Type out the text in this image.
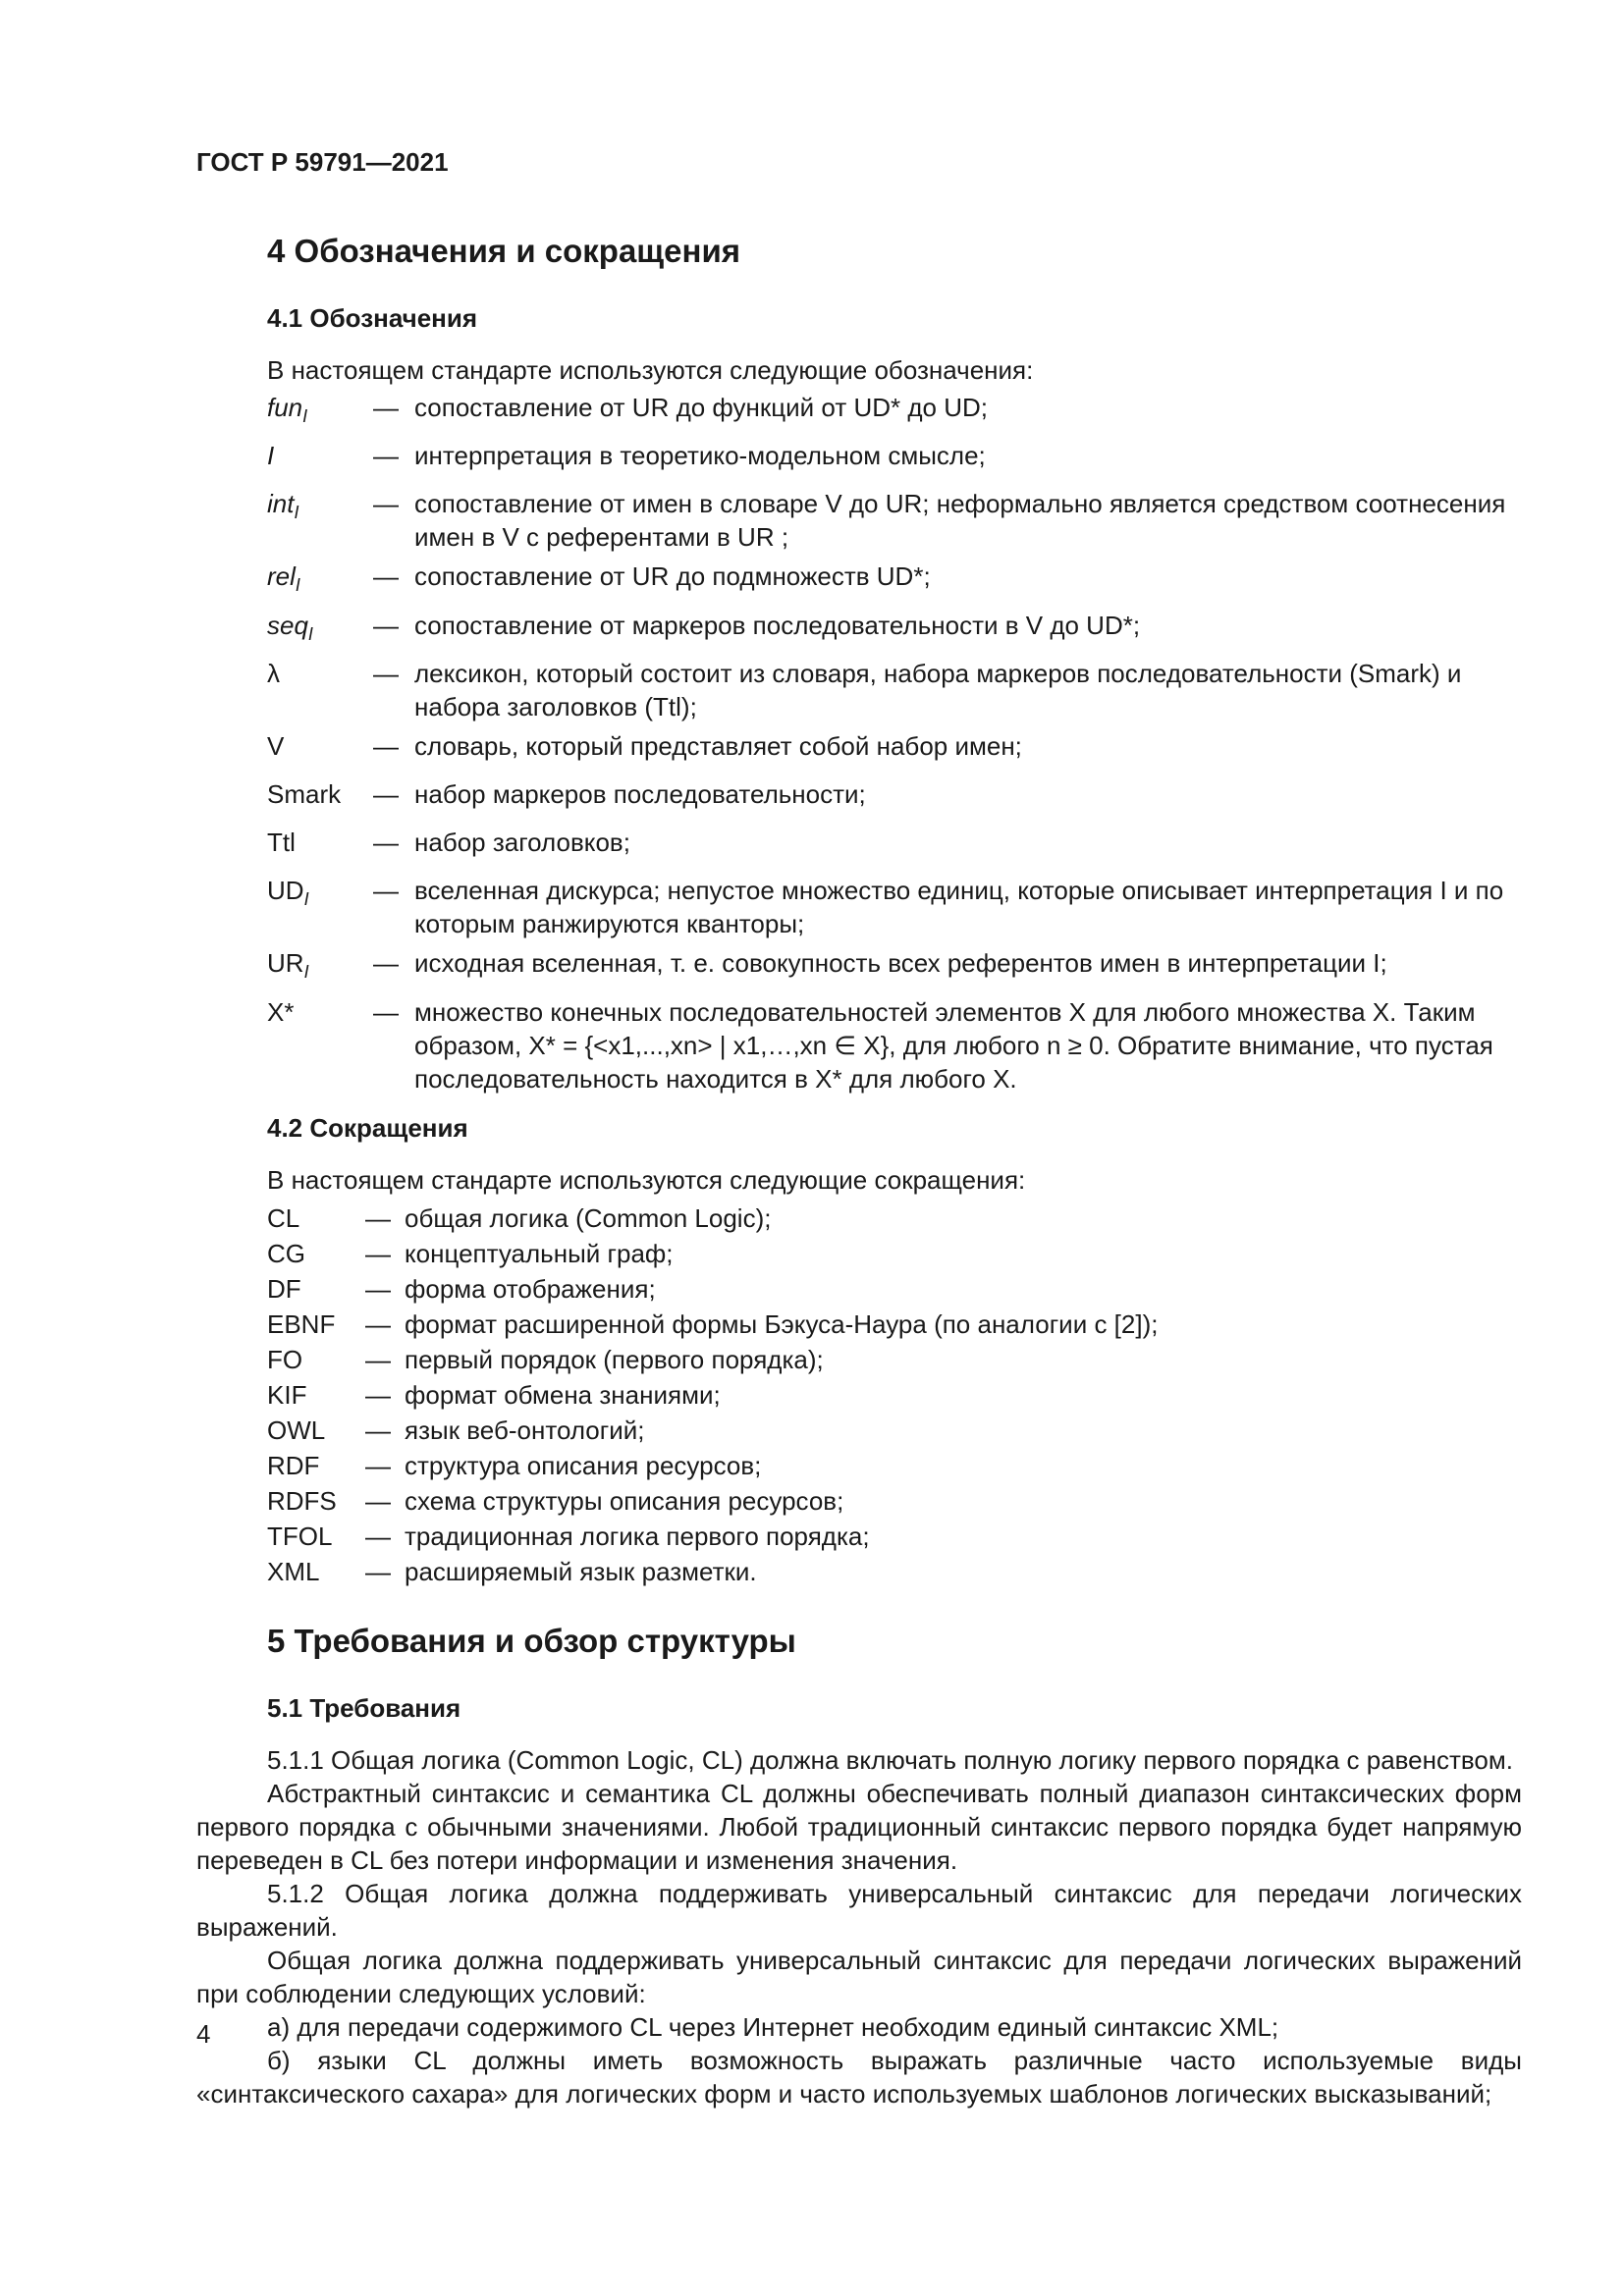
ГОСТ Р 59791—2021
4 Обозначения и сокращения
4.1 Обозначения
В настоящем стандарте используются следующие обозначения:
fun$_I$	— сопоставление от UR до функций от UD* до UD;
I	— интерпретация в теоретико-модельном смысле;
int$_I$	— сопоставление от имен в словаре V до UR; неформально является средством соотнесения имен в V с референтами в UR ;
rel$_I$	— сопоставление от UR до подмножеств UD*;
seq$_I$	— сопоставление от маркеров последовательности в V до UD*;
λ	— лексикон, который состоит из словаря, набора маркеров последовательности (Smark) и набора заголовков (Ttl);
V	— словарь, который представляет собой набор имен;
Smark	— набор маркеров последовательности;
Ttl	— набор заголовков;
$UD_I$	— вселенная дискурса; непустое множество единиц, которые описывает интерпретация I и по которым ранжируются кванторы;
$UR_I$	— исходная вселенная, т. е. совокупность всех референтов имен в интерпретации I;
X*	— множество конечных последовательностей элементов X для любого множества X. Таким образом, X* = {<x1,...,xn> | x1,…,xn ∈ X}, для любого n ≥ 0. Обратите внимание, что пустая последовательность находится в X* для любого X.
4.2 Сокращения
В настоящем стандарте используются следующие сокращения:
CL	— общая логика (Common Logic);
CG	— концептуальный граф;
DF	— форма отображения;
EBNF	— формат расширенной формы Бэкуса-Наура (по аналогии с [2]);
FO	— первый порядок (первого порядка);
KIF	— формат обмена знаниями;
OWL	— язык веб-онтологий;
RDF	— структура описания ресурсов;
RDFS	— схема структуры описания ресурсов;
TFOL	— традиционная логика первого порядка;
XML	— расширяемый язык разметки.
5 Требования и обзор структуры
5.1 Требования

5.1.1 Общая логика (Common Logic, CL) должна включать полную логику первого порядка с равенством.

Абстрактный синтаксис и семантика CL должны обеспечивать полный диапазон синтаксических форм первого порядка с обычными значениями. Любой традиционный синтаксис первого порядка будет напрямую переведен в CL без потери информации и изменения значения.

5.1.2 Общая логика должна поддерживать универсальный синтаксис для передачи логических выражений.

Общая логика должна поддерживать универсальный синтаксис для передачи логических выражений при соблюдении следующих условий:

а) для передачи содержимого CL через Интернет необходим единый синтаксис XML;

б) языки CL должны иметь возможность выражать различные часто используемые виды «синтаксического сахара» для логических форм и часто используемых шаблонов логических высказываний;

4
